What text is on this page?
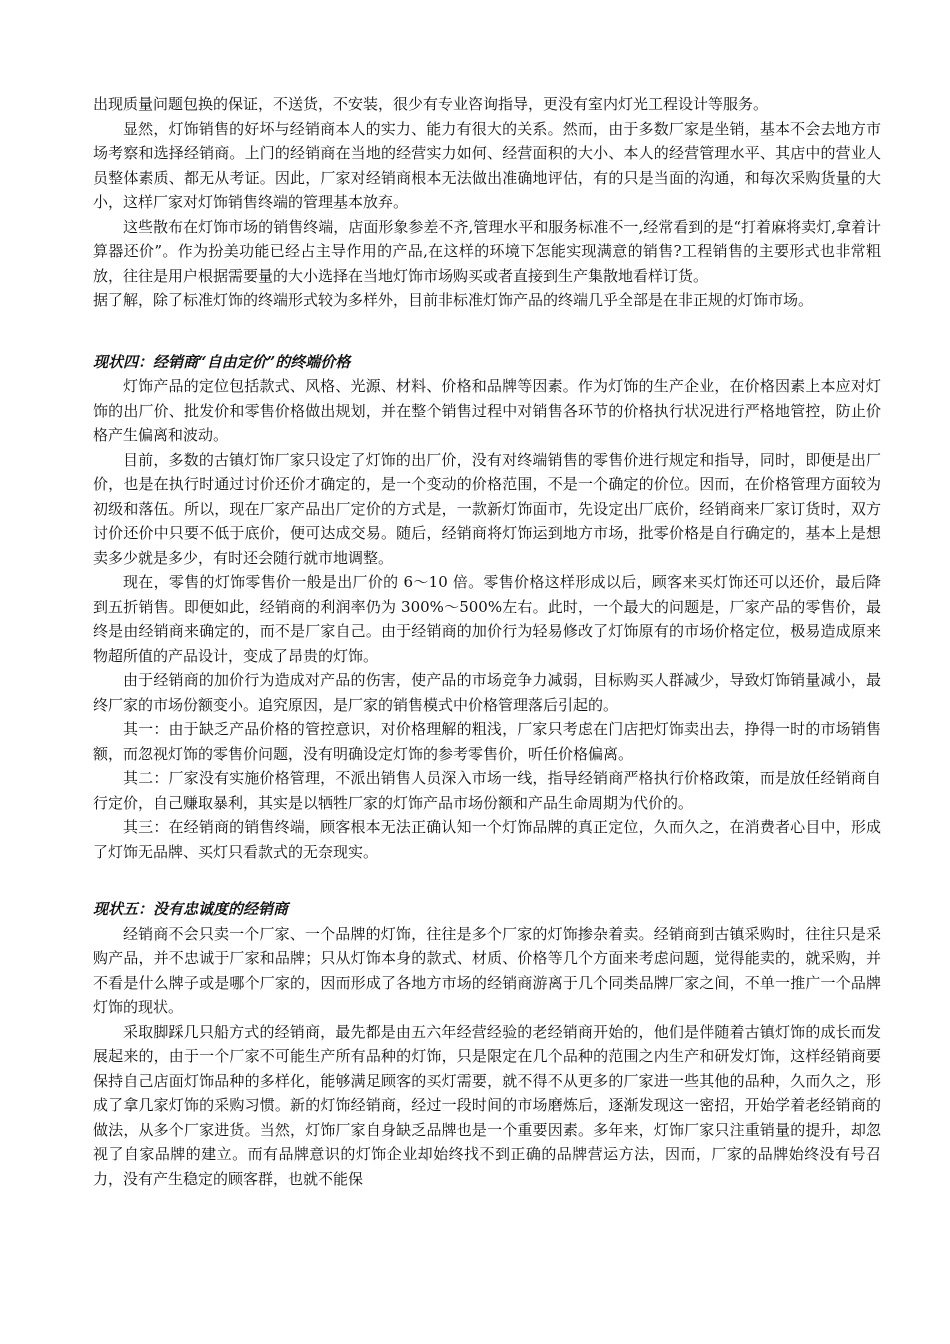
出现质量问题包换的保证，不送货，不安装，很少有专业咨询指导，更没有室内灯光工程设计等服务。

显然，灯饰销售的好坏与经销商本人的实力、能力有很大的关系。然而，由于多数厂家是坐销，基本不会去地方市场考察和选择经销商。上门的经销商在当地的经营实力如何、经营面积的大小、本人的经营管理水平、其店中的营业人员整体素质、都无从考证。因此，厂家对经销商根本无法做出准确地评估，有的只是当面的沟通，和每次采购货量的大小，这样厂家对灯饰销售终端的管理基本放弃。

这些散布在灯饰市场的销售终端，店面形象参差不齐,管理水平和服务标准不一,经常看到的是“打着麻将卖灯,拿着计算器还价”。作为扮美功能已经占主导作用的产品,在这样的环境下怎能实现满意的销售?工程销售的主要形式也非常粗放，往往是用户根据需要量的大小选择在当地灯饰市场购买或者直接到生产集散地看样订货。

据了解，除了标准灯饰的终端形式较为多样外，目前非标准灯饰产品的终端几乎全部是在非正规的灯饰市场。

现状四：经销商“自由定价”的终端价格

灯饰产品的定位包括款式、风格、光源、材料、价格和品牌等因素。作为灯饰的生产企业，在价格因素上本应对灯饰的出厂价、批发价和零售价格做出规划，并在整个销售过程中对销售各环节的价格执行状况进行严格地管控，防止价格产生偏离和波动。

目前，多数的古镇灯饰厂家只设定了灯饰的出厂价，没有对终端销售的零售价进行规定和指导，同时，即便是出厂价，也是在执行时通过讨价还价才确定的，是一个变动的价格范围，不是一个确定的价位。因而，在价格管理方面较为初级和落伍。所以，现在厂家产品出厂定价的方式是，一款新灯饰面市，先设定出厂底价，经销商来厂家订货时，双方讨价还价中只要不低于底价，便可达成交易。随后，经销商将灯饰运到地方市场，批零价格是自行确定的，基本上是想卖多少就是多少，有时还会随行就市地调整。

现在，零售的灯饰零售价一般是出厂价的 6～10 倍。零售价格这样形成以后，顾客来买灯饰还可以还价，最后降到五折销售。即便如此，经销商的利润率仍为 300%～500%左右。此时，一个最大的问题是，厂家产品的零售价，最终是由经销商来确定的，而不是厂家自己。由于经销商的加价行为轻易修改了灯饰原有的市场价格定位，极易造成原来物超所值的产品设计，变成了昂贵的灯饰。

由于经销商的加价行为造成对产品的伤害，使产品的市场竞争力减弱，目标购买人群减少，导致灯饰销量减小，最终厂家的市场份额变小。追究原因，是厂家的销售模式中价格管理落后引起的。

其一：由于缺乏产品价格的管控意识，对价格理解的粗浅，厂家只考虑在门店把灯饰卖出去，挣得一时的市场销售额，而忽视灯饰的零售价问题，没有明确设定灯饰的参考零售价，听任价格偏离。

其二：厂家没有实施价格管理，不派出销售人员深入市场一线，指导经销商严格执行价格政策，而是放任经销商自行定价，自己赚取暴利，其实是以牺牲厂家的灯饰产品市场份额和产品生命周期为代价的。

其三：在经销商的销售终端，顾客根本无法正确认知一个灯饰品牌的真正定位，久而久之，在消费者心目中，形成了灯饰无品牌、买灯只看款式的无奈现实。

现状五：没有忠诚度的经销商

经销商不会只卖一个厂家、一个品牌的灯饰，往往是多个厂家的灯饰掺杂着卖。经销商到古镇采购时，往往只是采购产品，并不忠诚于厂家和品牌；只从灯饰本身的款式、材质、价格等几个方面来考虑问题，觉得能卖的，就采购，并不看是什么牌子或是哪个厂家的，因而形成了各地方市场的经销商游离于几个同类品牌厂家之间，不单一推广一个品牌灯饰的现状。

采取脚踩几只船方式的经销商，最先都是由五六年经营经验的老经销商开始的，他们是伴随着古镇灯饰的成长而发展起来的，由于一个厂家不可能生产所有品种的灯饰，只是限定在几个品种的范围之内生产和研发灯饰，这样经销商要保持自己店面灯饰品种的多样化，能够满足顾客的买灯需要，就不得不从更多的厂家进一些其他的品种，久而久之，形成了拿几家灯饰的采购习惯。新的灯饰经销商，经过一段时间的市场磨炼后，逐渐发现这一密招，开始学着老经销商的做法，从多个厂家进货。当然，灯饰厂家自身缺乏品牌也是一个重要因素。多年来，灯饰厂家只注重销量的提升，却忽视了自家品牌的建立。而有品牌意识的灯饰企业却始终找不到正确的品牌营运方法，因而，厂家的品牌始终没有号召力，没有产生稳定的顾客群，也就不能保
